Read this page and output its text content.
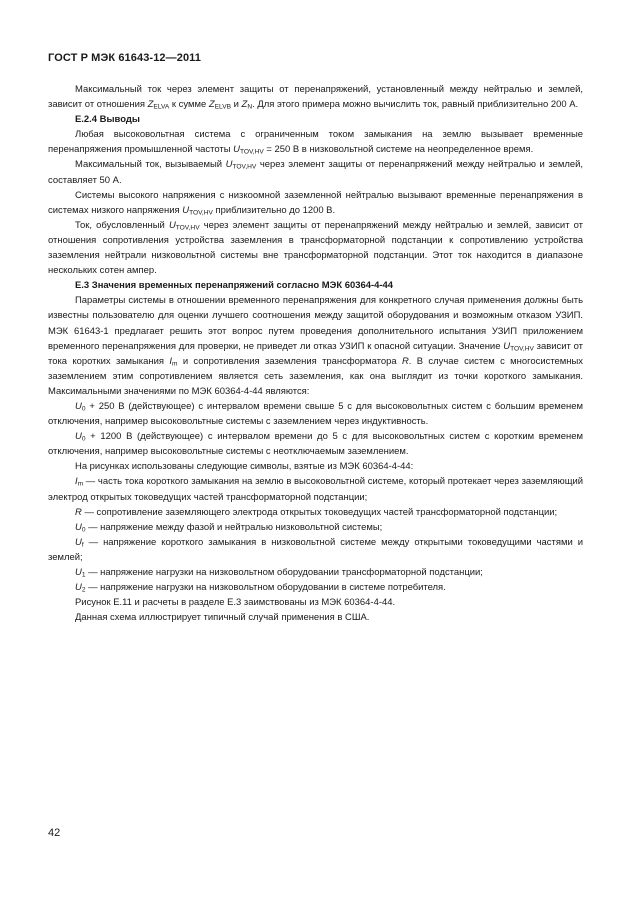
ГОСТ Р МЭК 61643-12—2011

Максимальный ток через элемент защиты от перенапряжений, установленный между нейтралью и землей, зависит от отношения $Z_{ELVA}$ к сумме $Z_{ELVB}$ и $Z_N$. Для этого примера можно вычислить ток, равный приблизительно 200 А.

Е.2.4 Выводы

Любая высоковольтная система с ограниченным током замыкания на землю вызывает временные перенапряжения промышленной частоты $U_{TOV,HV} = 250$ В в низковольтной системе на неопределенное время.

Максимальный ток, вызываемый $U_{TOV,HV}$ через элемент защиты от перенапряжений между нейтралью и землей, составляет 50 А.

Системы высокого напряжения с низкоомной заземленной нейтралью вызывают временные перенапряжения в системах низкого напряжения $U_{TOV,HV}$ приблизительно до 1200 В.

Ток, обусловленный $U_{TOV,HV}$ через элемент защиты от перенапряжений между нейтралью и землей, зависит от отношения сопротивления устройства заземления в трансформаторной подстанции к сопротивлению устройства заземления нейтрали низковольтной системы вне трансформаторной подстанции. Этот ток находится в диапазоне нескольких сотен ампер.

Е.3 Значения временных перенапряжений согласно МЭК 60364-4-44

Параметры системы в отношении временного перенапряжения для конкретного случая применения должны быть известны пользователю для оценки лучшего соотношения между защитой оборудования и возможным отказом УЗИП. МЭК 61643-1 предлагает решить этот вопрос путем проведения дополнительного испытания УЗИП приложением временного перенапряжения для проверки, не приведет ли отказ УЗИП к опасной ситуации. Значение $U_{TOV,HV}$ зависит от тока коротких замыкания $I_m$ и сопротивления заземления трансформатора R. В случае систем с многосистемных заземлением этим сопротивлением является сеть заземления, как она выглядит из точки короткого замыкания. Максимальными значениями по МЭК 60364-4-44 являются:

$U_0 + 250$ В (действующее) с интервалом времени свыше 5 с для высоковольтных систем с большим временем отключения, например высоковольтные системы с заземлением через индуктивность.

$U_0 + 1200$ В (действующее) с интервалом времени до 5 с для высоковольтных систем с коротким временем отключения, например высоковольтные системы с неотключаемым заземлением.

На рисунках использованы следующие символы, взятые из МЭК 60364-4-44:

$I_m$ — часть тока короткого замыкания на землю в высоковольтной системе, который протекает через заземляющий электрод открытых токоведущих частей трансформаторной подстанции;

R — сопротивление заземляющего электрода открытых токоведущих частей трансформаторной подстанции;

$U_0$ — напряжение между фазой и нейтралью низковольтной системы;

$U_f$ — напряжение короткого замыкания в низковольтной системе между открытыми токоведущими частями и землей;

$U_1$ — напряжение нагрузки на низковольтном оборудовании трансформаторной подстанции;

$U_2$ — напряжение нагрузки на низковольтном оборудовании в системе потребителя.

Рисунок Е.11 и расчеты в разделе Е.3 заимствованы из МЭК 60364-4-44.

Данная схема иллюстрирует типичный случай применения в США.

42
